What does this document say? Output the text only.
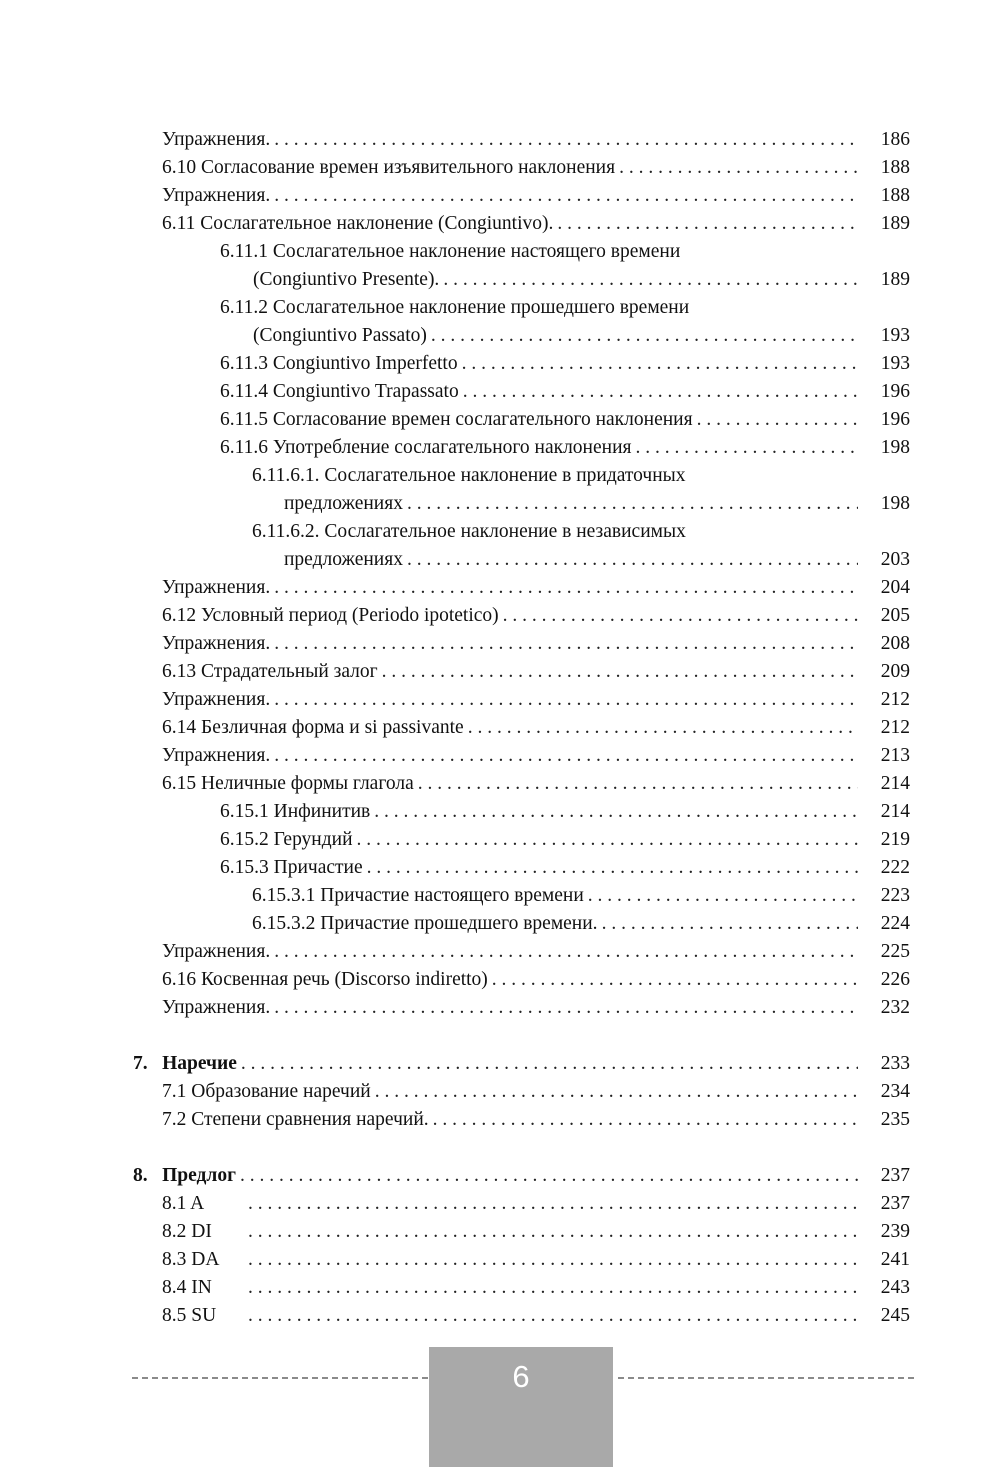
Упражнения. . . .	186
6.10 Согласование времен изъявительного наклонения . . .	188
Упражнения. . . .	188
6.11 Сослагательное наклонение (Congiuntivo). . . .	189
6.11.1 Сослагательное наклонение настоящего времени
(Congiuntivo Presente). . . .	189
6.11.2 Сослагательное наклонение прошедшего времени
(Congiuntivo Passato) . . .	193
6.11.3 Congiuntivo Imperfetto . . .	193
6.11.4 Congiuntivo Trapassato . . .	196
6.11.5 Согласование времен сослагательного наклонения . . .	196
6.11.6 Употребление сослагательного наклонения . . .	198
6.11.6.1. Сослагательное наклонение в придаточных
предложениях . . .	198
6.11.6.2. Сослагательное наклонение в независимых
предложениях . . .	203
Упражнения. . . .	204
6.12 Условный период (Periodo ipotetico) . . .	205
Упражнения. . . .	208
6.13 Страдательный залог . . .	209
Упражнения. . . .	212
6.14 Безличная форма и si passivante . . .	212
Упражнения. . . .	213
6.15 Неличные формы глагола . . .	214
6.15.1 Инфинитив . . .	214
6.15.2 Герундий . . .	219
6.15.3 Причастие . . .	222
6.15.3.1 Причастие настоящего времени . . .	223
6.15.3.2 Причастие прошедшего времени. . . .	224
Упражнения. . . .	225
6.16 Косвенная речь (Discorso indiretto) . . .	226
Упражнения. . . .	232
7. Наречие . . .	233
7.1 Образование наречий . . .	234
7.2 Степени сравнения наречий. . . .	235
8. Предлог . . .	237
8.1 A . . .	237
8.2 DI . . .	239
8.3 DA . . .	241
8.4 IN . . .	243
8.5 SU . . .	245
6
